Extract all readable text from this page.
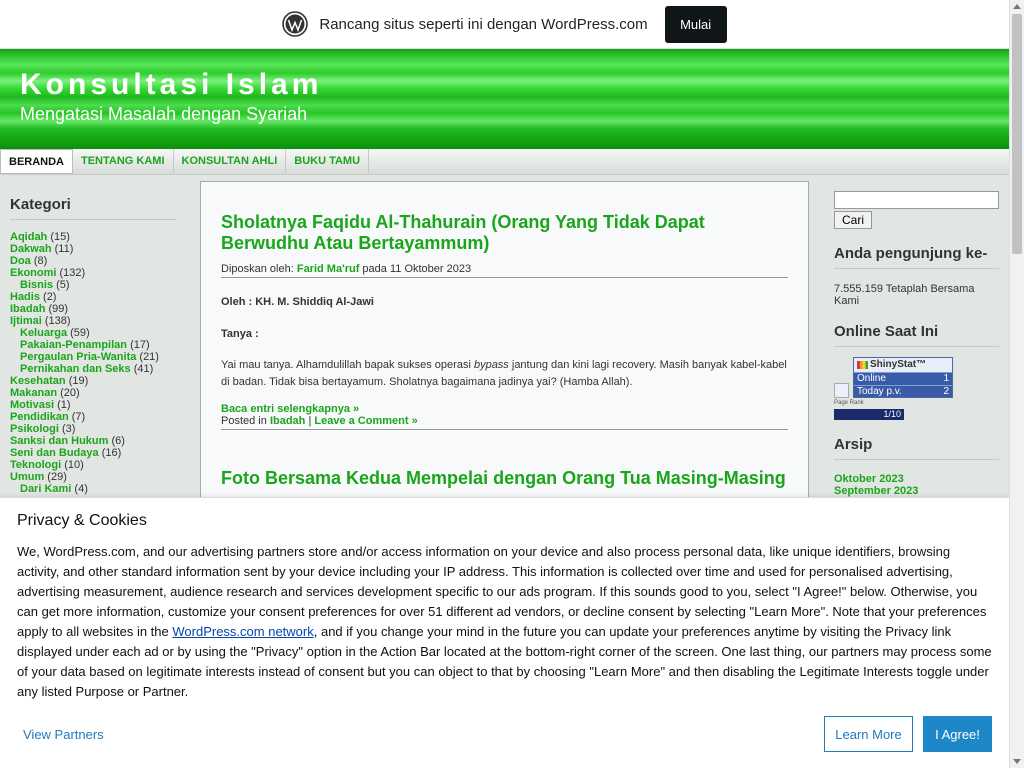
Rancang situs seperti ini dengan WordPress.com	Mulai
Konsultasi Islam
Mengatasi Masalah dengan Syariah
BERANDA	TENTANG KAMI	KONSULTAN AHLI	BUKU TAMU
Kategori
Aqidah (15)
Dakwah (11)
Doa (8)
Ekonomi (132)
Bisnis (5)
Hadis (2)
Ibadah (99)
Ijtimai (138)
Keluarga (59)
Pakaian-Penampilan (17)
Pergaulan Pria-Wanita (21)
Pernikahan dan Seks (41)
Kesehatan (19)
Makanan (20)
Motivasi (1)
Pendidikan (7)
Psikologi (3)
Sanksi dan Hukum (6)
Seni dan Budaya (16)
Teknologi (10)
Umum (29)
Dari Kami (4)
Sholatnya Faqidu Al-Thahurain (Orang Yang Tidak Dapat Berwudhu Atau Bertayammum)
Diposkan oleh: Farid Ma'ruf pada 11 Oktober 2023
Oleh : KH. M. Shiddiq Al-Jawi
Tanya :
Yai mau tanya. Alhamdulillah bapak sukses operasi bypass jantung dan kini lagi recovery. Masih banyak kabel-kabel di badan. Tidak bisa bertayamum. Sholatnya bagaimana jadinya yai? (Hamba Allah).
Baca entri selengkapnya »
Posted in Ibadah | Leave a Comment »
Foto Bersama Kedua Mempelai dengan Orang Tua Masing-Masing
Cari
Anda pengunjung ke-
7.555.159 Tetaplah Bersama Kami
Online Saat Ini
ShinyStat™
Online	1
Today p.v.	2
Page Rank
1/10
Arsip
Oktober 2023
September 2023
Privacy & Cookies
We, WordPress.com, and our advertising partners store and/or access information on your device and also process personal data, like unique identifiers, browsing activity, and other standard information sent by your device including your IP address. This information is collected over time and used for personalised advertising, advertising measurement, audience research and services development specific to our ads program. If this sounds good to you, select "I Agree!" below. Otherwise, you can get more information, customize your consent preferences for over 51 different ad vendors, or decline consent by selecting "Learn More". Note that your preferences apply to all websites in the WordPress.com network, and if you change your mind in the future you can update your preferences anytime by visiting the Privacy link displayed under each ad or by using the "Privacy" option in the Action Bar located at the bottom-right corner of the screen. One last thing, our partners may process some of your data based on legitimate interests instead of consent but you can object to that by choosing "Learn More" and then disabling the Legitimate Interests toggle under any listed Purpose or Partner.
View Partners	Learn More	I Agree!
